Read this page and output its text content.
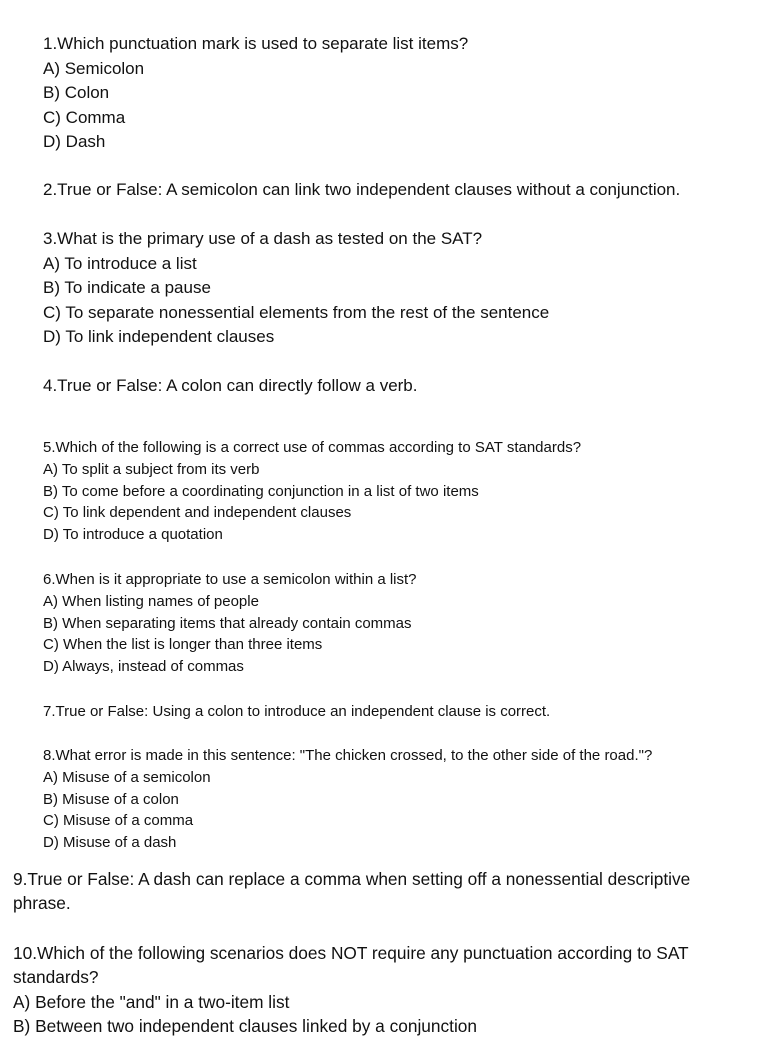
1.Which punctuation mark is used to separate list items?
A) Semicolon
B) Colon
C) Comma
D) Dash
2.True or False: A semicolon can link two independent clauses without a conjunction.
3.What is the primary use of a dash as tested on the SAT?
A) To introduce a list
B) To indicate a pause
C) To separate nonessential elements from the rest of the sentence
D) To link independent clauses
4.True or False: A colon can directly follow a verb.
5.Which of the following is a correct use of commas according to SAT standards?
A) To split a subject from its verb
B) To come before a coordinating conjunction in a list of two items
C) To link dependent and independent clauses
D) To introduce a quotation
6.When is it appropriate to use a semicolon within a list?
A) When listing names of people
B) When separating items that already contain commas
C) When the list is longer than three items
D) Always, instead of commas
7.True or False: Using a colon to introduce an independent clause is correct.
8.What error is made in this sentence: "The chicken crossed, to the other side of the road."?
A) Misuse of a semicolon
B) Misuse of a colon
C) Misuse of a comma
D) Misuse of a dash
9.True or False: A dash can replace a comma when setting off a nonessential descriptive phrase.
10.Which of the following scenarios does NOT require any punctuation according to SAT standards?
A) Before the "and" in a two-item list
B) Between two independent clauses linked by a conjunction
